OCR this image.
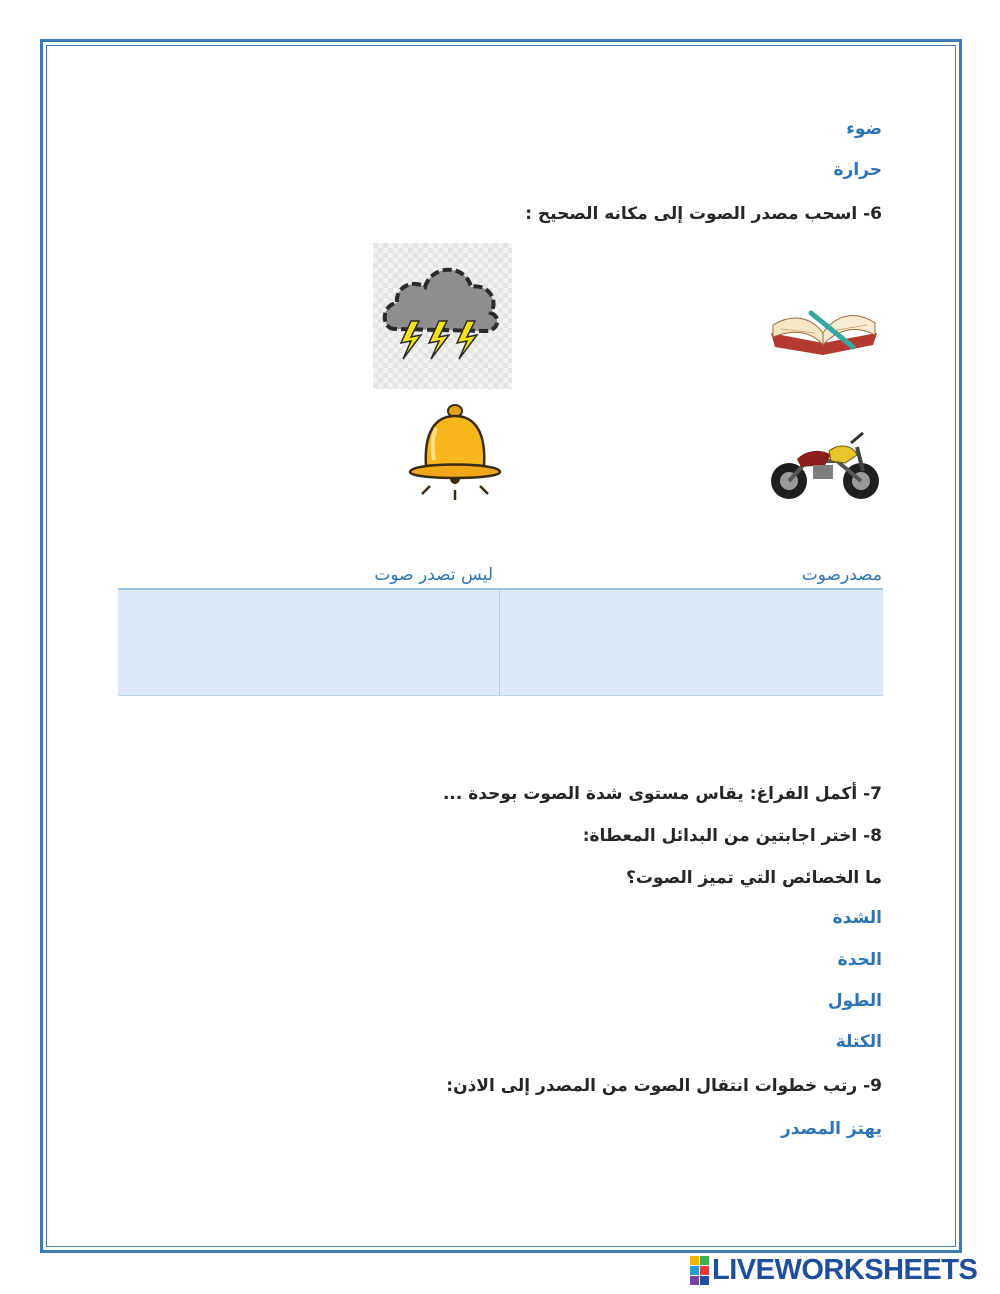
ضوء
حرارة
6- اسحب مصدر الصوت إلى مكانه الصحيح :
مصدرصوت
ليس تصدر صوت
7- أكمل الفراغ: يقاس مستوى شدة الصوت بوحدة ...
8- اختر اجابتين من البدائل المعطاة:
ما الخصائص التي تميز الصوت؟
الشدة
الحدة
الطول
الكتلة
9- رتب خطوات انتقال الصوت من المصدر إلى الاذن:
يهتز المصدر
LIVEWORKSHEETS
